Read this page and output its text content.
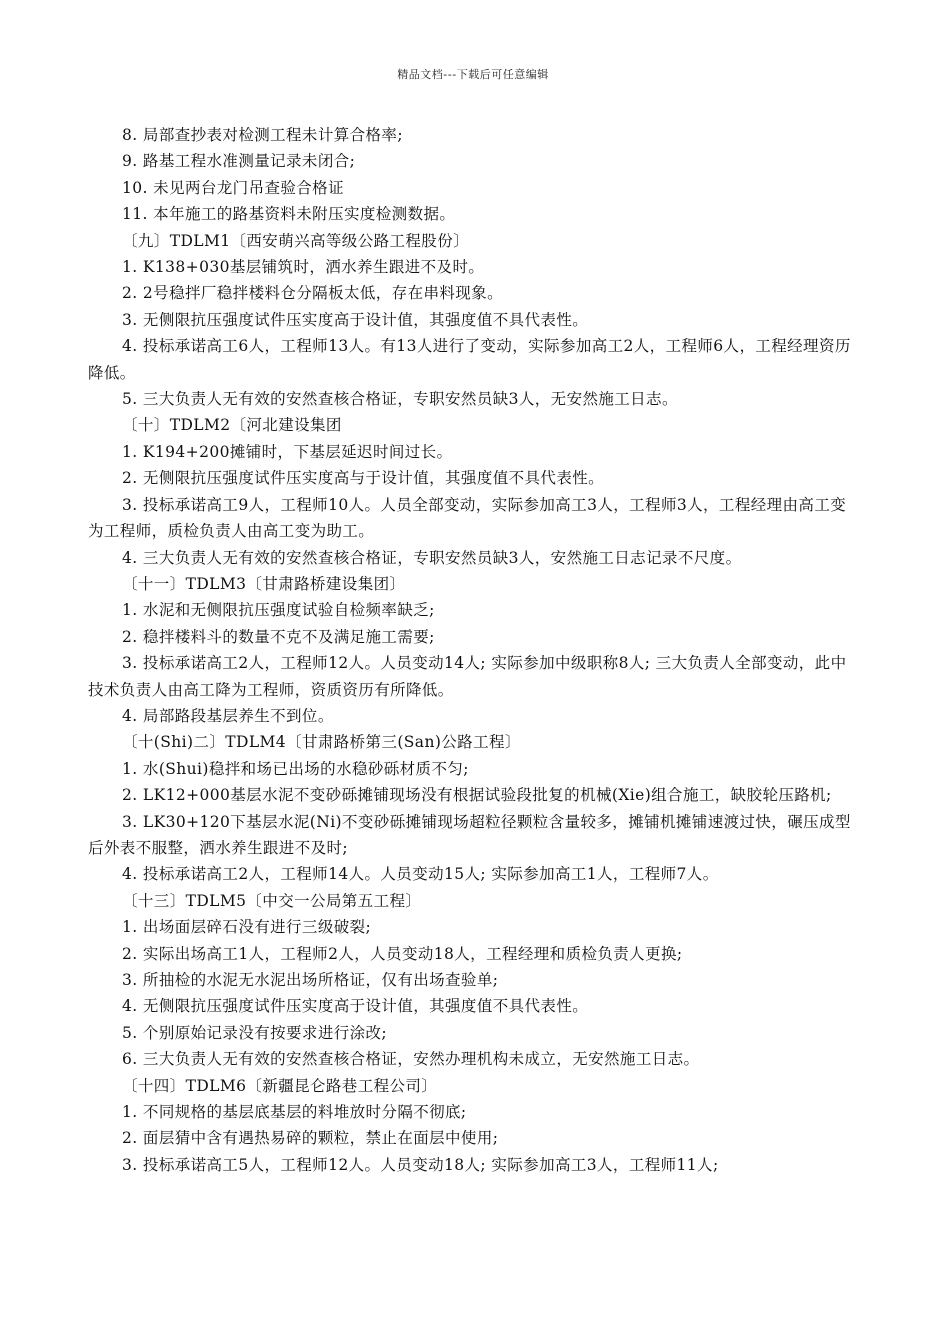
精品文档---下载后可任意编辑

8. 局部查抄表对检测工程未计算合格率;

9. 路基工程水准测量记录未闭合;

10. 未见两台龙门吊查验合格证

11. 本年施工的路基资料未附压实度检测数据。

〔九〕TDLM1〔西安萌兴高等级公路工程股份〕

1. K138+030基层铺筑时，洒水养生跟进不及时。

2. 2号稳拌厂稳拌楼料仓分隔板太低，存在串料现象。

3. 无侧限抗压强度试件压实度高于设计值，其强度值不具代表性。

4. 投标承诺高工6人，工程师13人。有13人进行了变动，实际参加高工2人，工程师6人，工程经理资历降低。

5. 三大负责人无有效的安然查核合格证，专职安然员缺3人，无安然施工日志。

〔十〕TDLM2〔河北建设集团

1. K194+200摊铺时，下基层延迟时间过长。

2. 无侧限抗压强度试件压实度高与于设计值，其强度值不具代表性。

3. 投标承诺高工9人，工程师10人。人员全部变动，实际参加高工3人，工程师3人，工程经理由高工变为工程师，质检负责人由高工变为助工。

4. 三大负责人无有效的安然查核合格证，专职安然员缺3人，安然施工日志记录不尺度。

〔十一〕TDLM3〔甘肃路桥建设集团〕

1. 水泥和无侧限抗压强度试验自检频率缺乏;

2. 稳拌楼料斗的数量不克不及满足施工需要;

3. 投标承诺高工2人，工程师12人。人员变动14人; 实际参加中级职称8人; 三大负责人全部变动，此中技术负责人由高工降为工程师，资质资历有所降低。

4. 局部路段基层养生不到位。

〔十(Shi)二〕TDLM4〔甘肃路桥第三(San)公路工程〕

1. 水(Shui)稳拌和场已出场的水稳砂砾材质不匀;

2. LK12+000基层水泥不变砂砾摊铺现场没有根据试验段批复的机械(Xie)组合施工，缺胶轮压路机;

3. LK30+120下基层水泥(Ni)不变砂砾摊铺现场超粒径颗粒含量较多，摊铺机摊铺速渡过快，碾压成型后外表不服整，洒水养生跟进不及时;

4. 投标承诺高工2人，工程师14人。人员变动15人; 实际参加高工1人，工程师7人。

〔十三〕TDLM5〔中交一公局第五工程〕

1. 出场面层碎石没有进行三级破裂;

2. 实际出场高工1人，工程师2人，人员变动18人，工程经理和质检负责人更换;

3. 所抽检的水泥无水泥出场所格证，仅有出场查验单;

4. 无侧限抗压强度试件压实度高于设计值，其强度值不具代表性。

5. 个别原始记录没有按要求进行涂改;

6. 三大负责人无有效的安然查核合格证，安然办理机构未成立，无安然施工日志。

〔十四〕TDLM6〔新疆昆仑路巷工程公司〕

1. 不同规格的基层底基层的料堆放时分隔不彻底;

2. 面层猜中含有遇热易碎的颗粒，禁止在面层中使用;

3. 投标承诺高工5人，工程师12人。人员变动18人; 实际参加高工3人，工程师11人;
